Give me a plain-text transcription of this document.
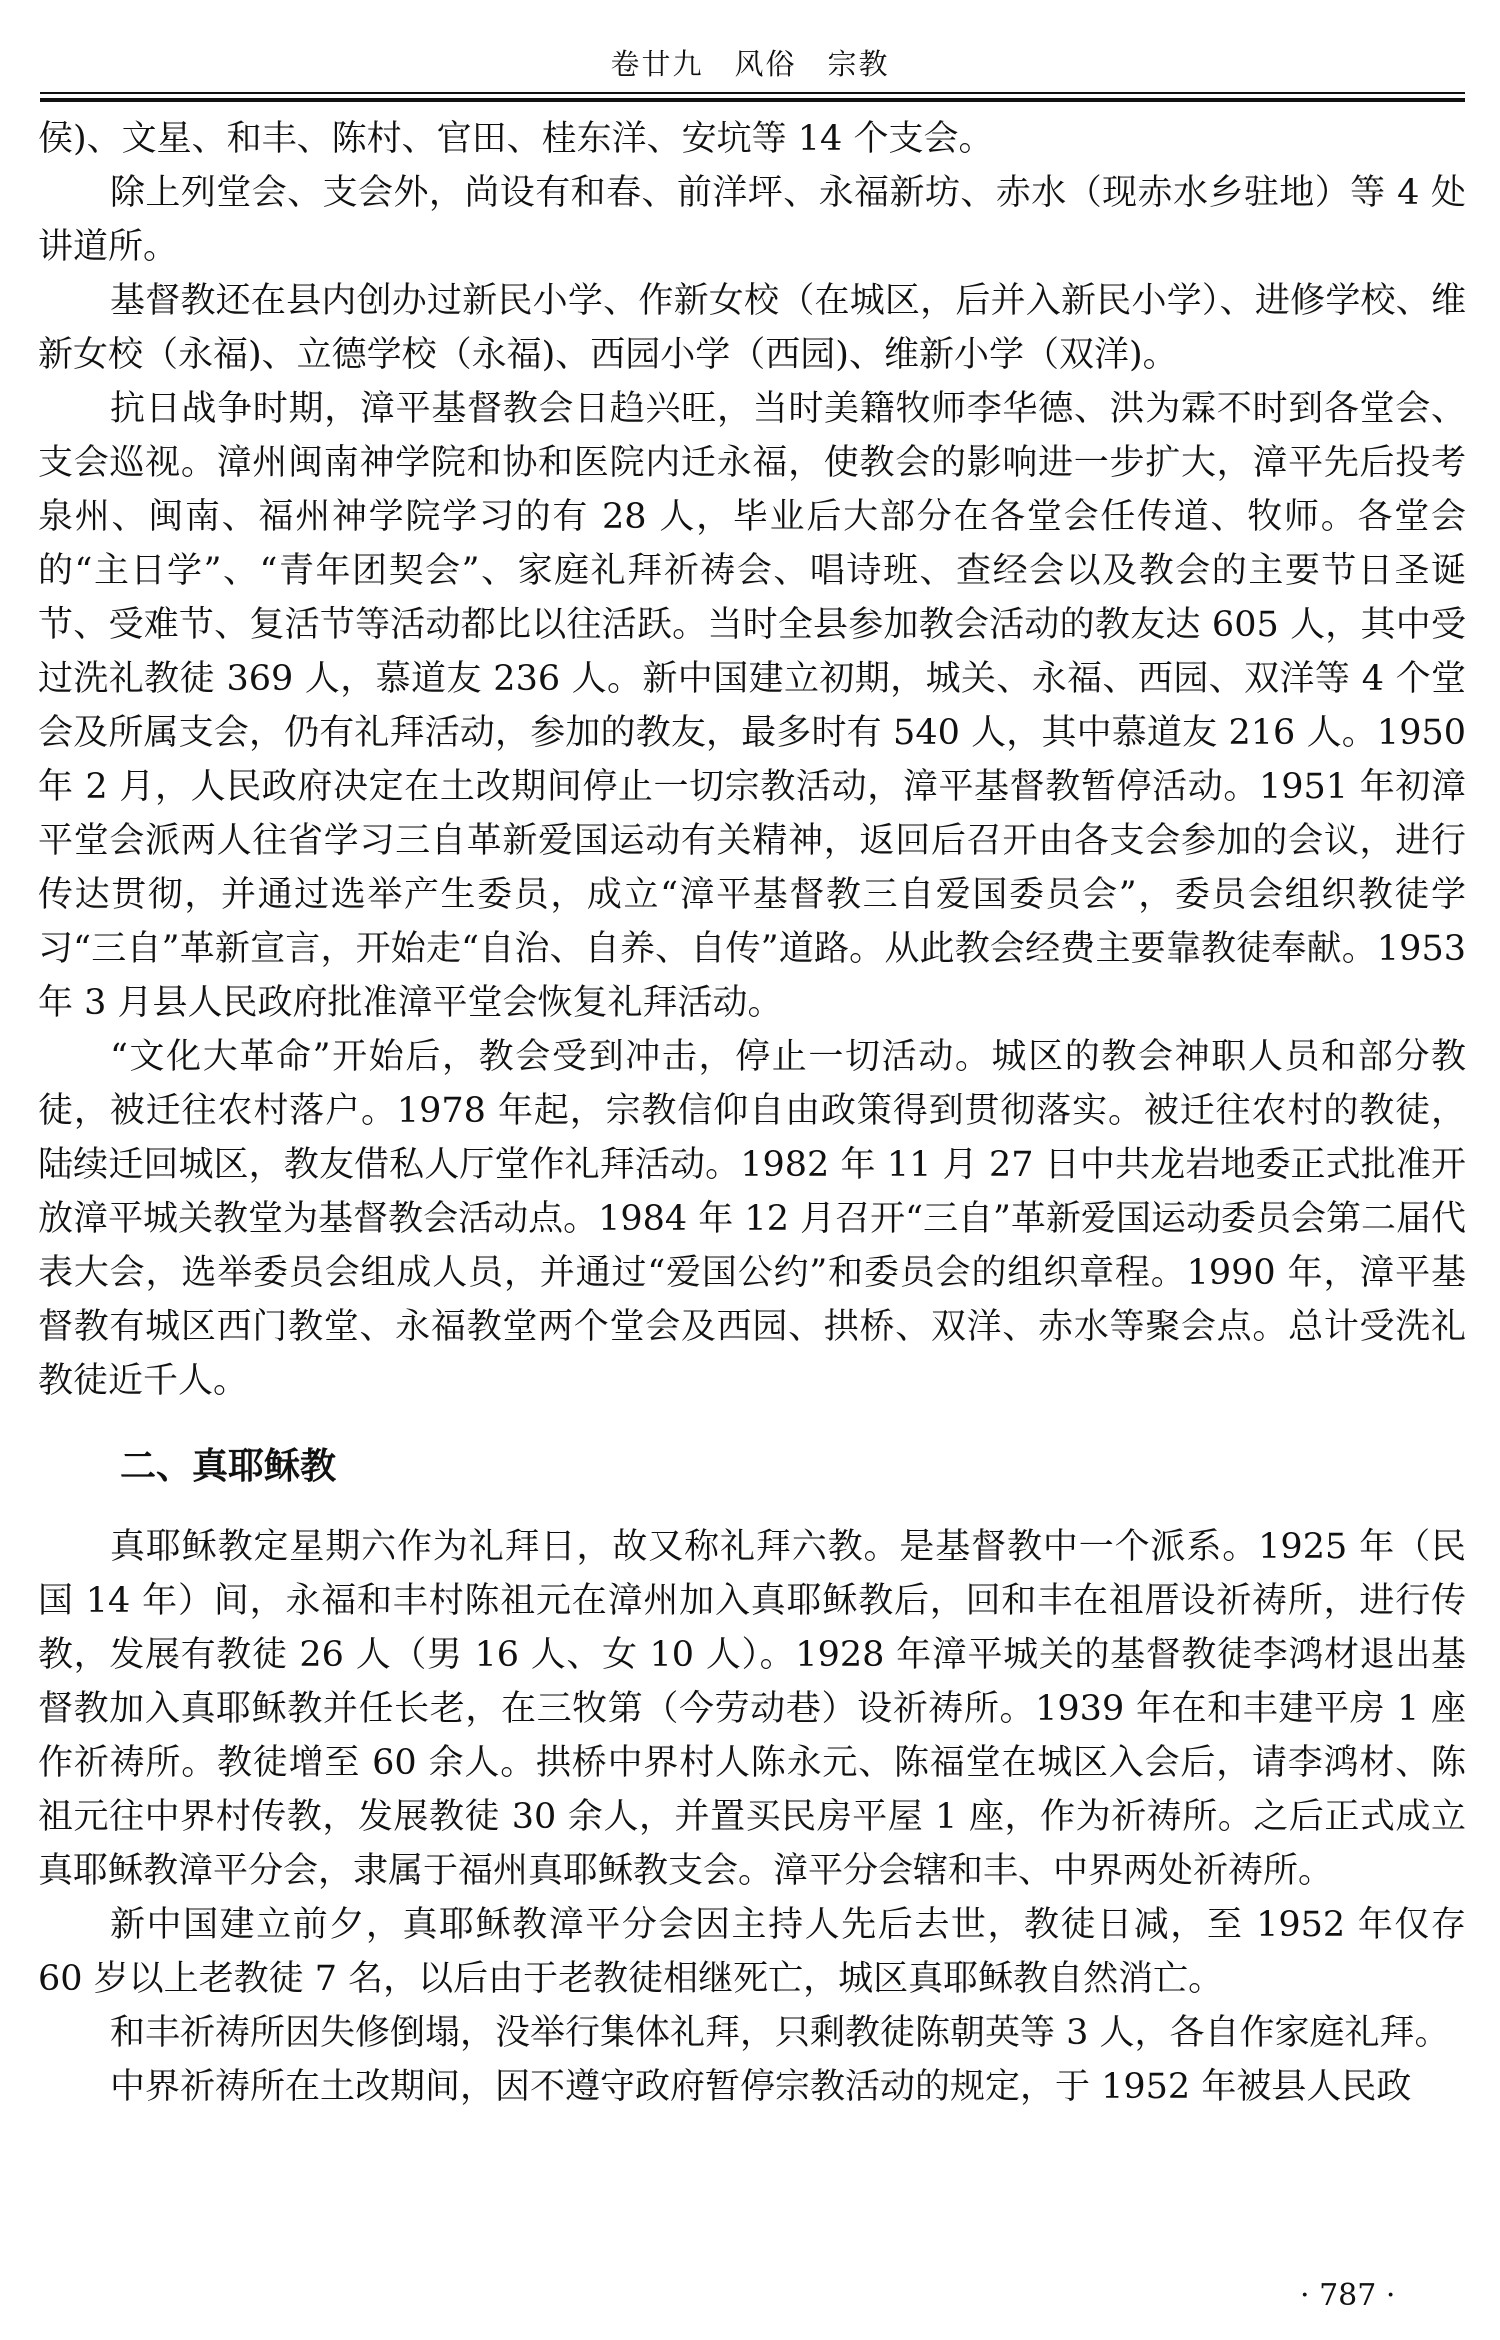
卷廿九　风俗　宗教

侯)、文星、和丰、陈村、官田、桂东洋、安坑等 14 个支会。

除上列堂会、支会外，尚设有和春、前洋坪、永福新坊、赤水（现赤水乡驻地）等 4 处讲道所。

基督教还在县内创办过新民小学、作新女校（在城区，后并入新民小学）、进修学校、维新女校（永福)、立德学校（永福)、西园小学（西园)、维新小学（双洋)。

抗日战争时期，漳平基督教会日趋兴旺，当时美籍牧师李华德、洪为霖不时到各堂会、支会巡视。漳州闽南神学院和协和医院内迁永福，使教会的影响进一步扩大，漳平先后投考泉州、闽南、福州神学院学习的有 28 人，毕业后大部分在各堂会任传道、牧师。各堂会的“主日学”、“青年团契会”、家庭礼拜祈祷会、唱诗班、查经会以及教会的主要节日圣诞节、受难节、复活节等活动都比以往活跃。当时全县参加教会活动的教友达 605 人，其中受过洗礼教徒 369 人，慕道友 236 人。新中国建立初期，城关、永福、西园、双洋等 4 个堂会及所属支会，仍有礼拜活动，参加的教友，最多时有 540 人，其中慕道友 216 人。1950 年 2 月，人民政府决定在土改期间停止一切宗教活动，漳平基督教暂停活动。1951 年初漳平堂会派两人往省学习三自革新爱国运动有关精神，返回后召开由各支会参加的会议，进行传达贯彻，并通过选举产生委员，成立“漳平基督教三自爱国委员会”，委员会组织教徒学习“三自”革新宣言，开始走“自治、自养、自传”道路。从此教会经费主要靠教徒奉献。1953 年 3 月县人民政府批准漳平堂会恢复礼拜活动。

“文化大革命”开始后，教会受到冲击，停止一切活动。城区的教会神职人员和部分教徒，被迁往农村落户。1978 年起，宗教信仰自由政策得到贯彻落实。被迁往农村的教徒，陆续迁回城区，教友借私人厅堂作礼拜活动。1982 年 11 月 27 日中共龙岩地委正式批准开放漳平城关教堂为基督教会活动点。1984 年 12 月召开“三自”革新爱国运动委员会第二届代表大会，选举委员会组成人员，并通过“爱国公约”和委员会的组织章程。1990 年，漳平基督教有城区西门教堂、永福教堂两个堂会及西园、拱桥、双洋、赤水等聚会点。总计受洗礼教徒近千人。

二、真耶稣教

真耶稣教定星期六作为礼拜日，故又称礼拜六教。是基督教中一个派系。1925 年（民国 14 年）间，永福和丰村陈祖元在漳州加入真耶稣教后，回和丰在祖厝设祈祷所，进行传教，发展有教徒 26 人（男 16 人、女 10 人）。1928 年漳平城关的基督教徒李鸿材退出基督教加入真耶稣教并任长老，在三牧第（今劳动巷）设祈祷所。1939 年在和丰建平房 1 座作祈祷所。教徒增至 60 余人。拱桥中界村人陈永元、陈福堂在城区入会后，请李鸿材、陈祖元往中界村传教，发展教徒 30 余人，并置买民房平屋 1 座，作为祈祷所。之后正式成立真耶稣教漳平分会，隶属于福州真耶稣教支会。漳平分会辖和丰、中界两处祈祷所。

新中国建立前夕，真耶稣教漳平分会因主持人先后去世，教徒日减，至 1952 年仅存 60 岁以上老教徒 7 名，以后由于老教徒相继死亡，城区真耶稣教自然消亡。

和丰祈祷所因失修倒塌，没举行集体礼拜，只剩教徒陈朝英等 3 人，各自作家庭礼拜。

中界祈祷所在土改期间，因不遵守政府暂停宗教活动的规定，于 1952 年被县人民政

· 787 ·
